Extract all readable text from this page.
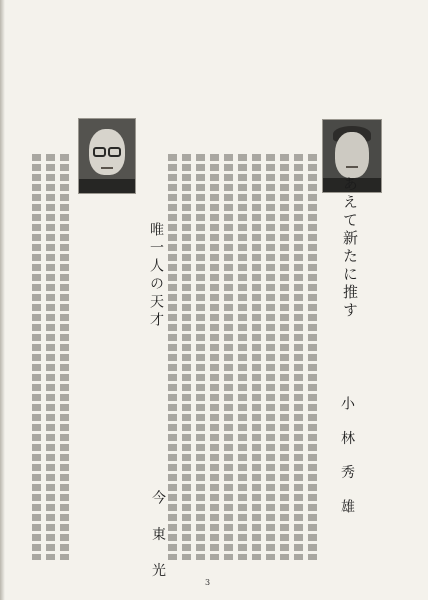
あえて新たに推す
小 林 秀 雄
唯一人の天才
今 東 光	3
